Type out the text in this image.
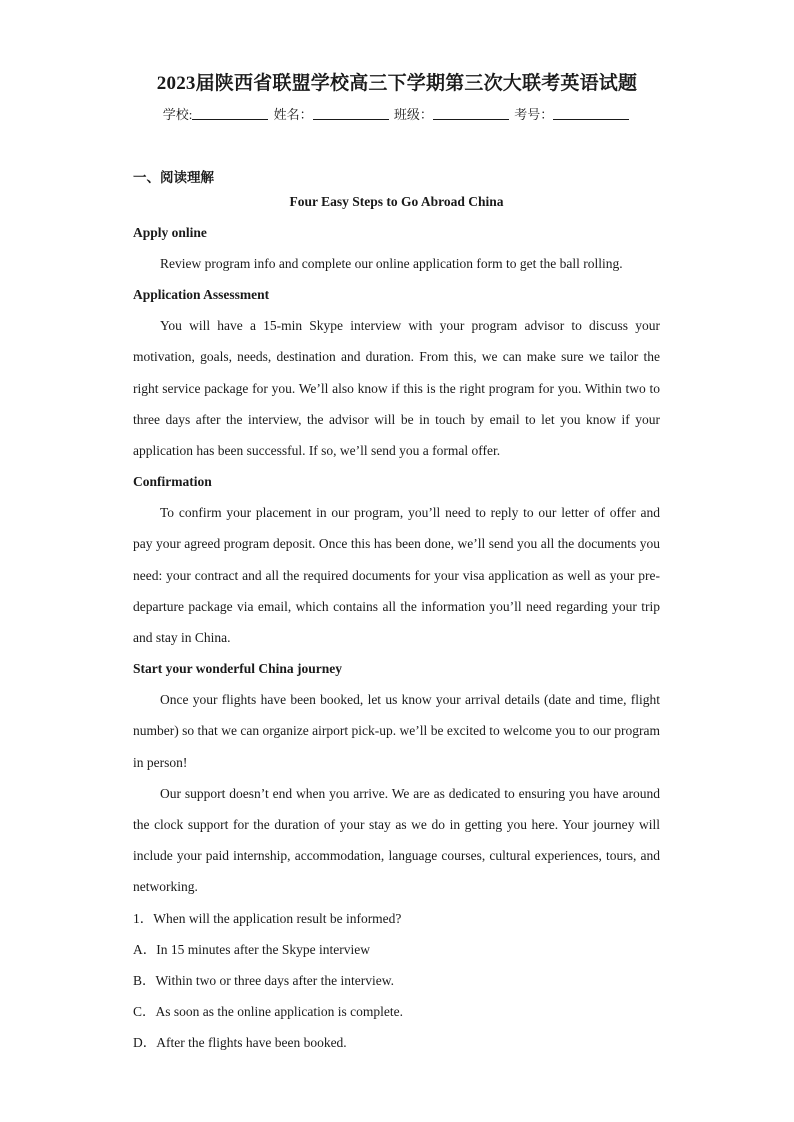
2023届陕西省联盟学校高三下学期第三次大联考英语试题
学校:	姓名：	班级：	考号：
一、阅读理解
Four Easy Steps to Go Abroad China
Apply online

Review program info and complete our online application form to get the ball rolling.

Application Assessment

You will have a 15-min Skype interview with your program advisor to discuss your motivation, goals, needs, destination and duration. From this, we can make sure we tailor the right service package for you. We’ll also know if this is the right program for you. Within two to three days after the interview, the advisor will be in touch by email to let you know if your application has been successful. If so, we’ll send you a formal offer.

Confirmation

To confirm your placement in our program, you’ll need to reply to our letter of offer and pay your agreed program deposit. Once this has been done, we’ll send you all the documents you need: your contract and all the required documents for your visa application as well as your pre-departure package via email, which contains all the information you’ll need regarding your trip and stay in China.

Start your wonderful China journey

Once your flights have been booked, let us know your arrival details (date and time, flight number) so that we can organize airport pick-up. we’ll be excited to welcome you to our program in person!

Our support doesn’t end when you arrive. We are as dedicated to ensuring you have around the clock support for the duration of your stay as we do in getting you here. Your journey will include your paid internship, accommodation, language courses, cultural experiences, tours, and networking.

1．When will the application result be informed?
A．In 15 minutes after the Skype interview
B．Within two or three days after the interview.
C．As soon as the online application is complete.
D．After the flights have been booked.
